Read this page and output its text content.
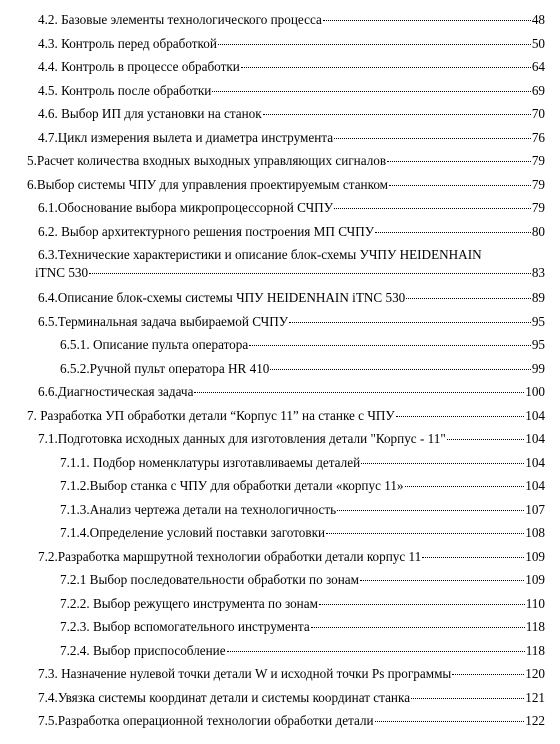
4.2. Базовые элементы технологического процесса	48
4.3. Контроль перед обработкой	50
4.4. Контроль в процессе обработки	64
4.5. Контроль после обработки	69
4.6. Выбор ИП для установки на станок	70
4.7.Цикл измерения вылета и диаметра инструмента	76
5.Расчет количества входных выходных управляющих сигналов	79
6.Выбор системы ЧПУ для управления проектируемым станком	79
6.1.Обоснование выбора микропроцессорной СЧПУ	79
6.2. Выбор архитектурного решения построения МП СЧПУ	80
6.3.Технические характеристики и описание блок-схемы УЧПУ HEIDENHAIN
iTNC 530	83
6.4.Описание блок-схемы системы ЧПУ HEIDENHAIN iTNC 530	89
6.5.Терминальная задача выбираемой СЧПУ	95
6.5.1. Описание пульта оператора	95
6.5.2.Ручной пульт оператора HR 410	99
6.6.Диагностическая задача	100
7. Разработка УП обработки детали “Корпус 11” на станке с ЧПУ	104
7.1.Подготовка исходных данных для изготовления детали "Корпус - 11"	104
7.1.1. Подбор номенклатуры изготавливаемы деталей	104
7.1.2.Выбор станка с ЧПУ для обработки детали «корпус 11»	104
7.1.3.Анализ чертежа детали на технологичность	107
7.1.4.Определение условий поставки заготовки	108
7.2.Разработка маршрутной технологии обработки детали корпус 11	109
7.2.1 Выбор последовательности обработки по зонам	109
7.2.2. Выбор режущего инструмента по зонам	110
7.2.3. Выбор вспомогательного инструмента	118
7.2.4. Выбор приспособление	118
7.3. Назначение нулевой точки детали W и исходной точки Ps программы	120
7.4.Увязка системы координат детали и системы координат станка	121
7.5.Разработка операционной технологии обработки детали	122
